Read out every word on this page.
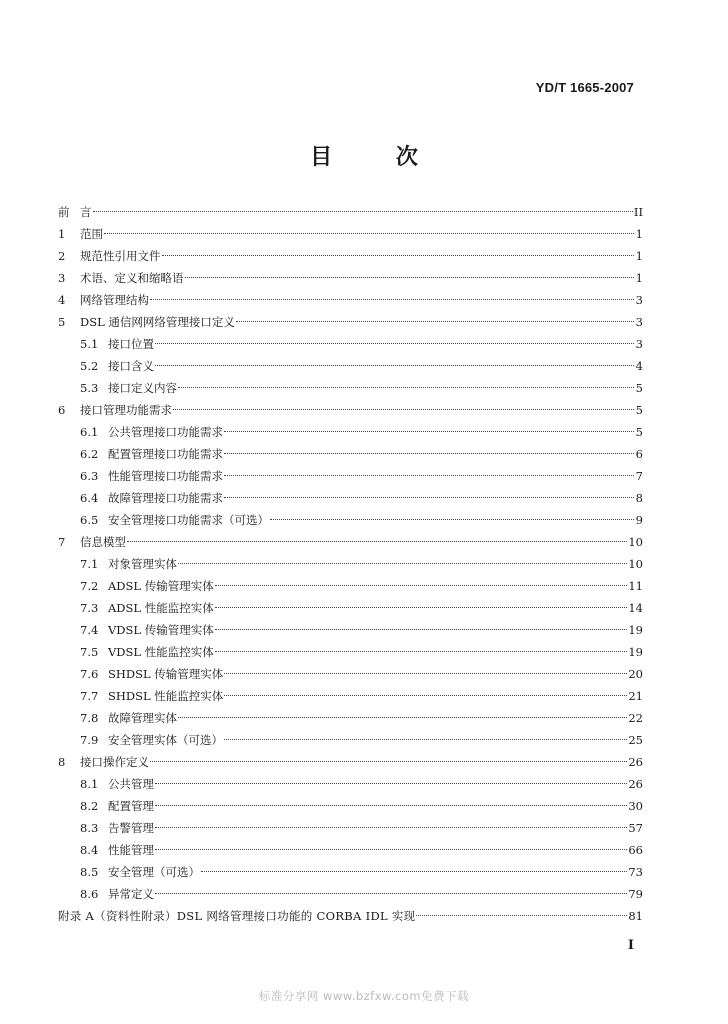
YD/T 1665-2007
目 次
前 言	II
1	范围	1
2	规范性引用文件	1
3	术语、定义和缩略语	1
4	网络管理结构	3
5	DSL 通信网网络管理接口定义	3
5.1 接口位置	3
5.2 接口含义	4
5.3 接口定义内容	5
6	接口管理功能需求	5
6.1 公共管理接口功能需求	5
6.2 配置管理接口功能需求	6
6.3 性能管理接口功能需求	7
6.4 故障管理接口功能需求	8
6.5 安全管理接口功能需求（可选）	9
7	信息模型	10
7.1 对象管理实体	10
7.2 ADSL 传输管理实体	11
7.3 ADSL 性能监控实体	14
7.4 VDSL 传输管理实体	19
7.5 VDSL 性能监控实体	19
7.6 SHDSL 传输管理实体	20
7.7 SHDSL 性能监控实体	21
7.8 故障管理实体	22
7.9 安全管理实体（可选）	25
8	接口操作定义	26
8.1 公共管理	26
8.2 配置管理	30
8.3 告警管理	57
8.4 性能管理	66
8.5 安全管理（可选）	73
8.6 异常定义	79
附录 A（资料性附录）DSL 网络管理接口功能的 CORBA IDL 实现	81
I
标准分享网 www.bzfxw.com免费下载
